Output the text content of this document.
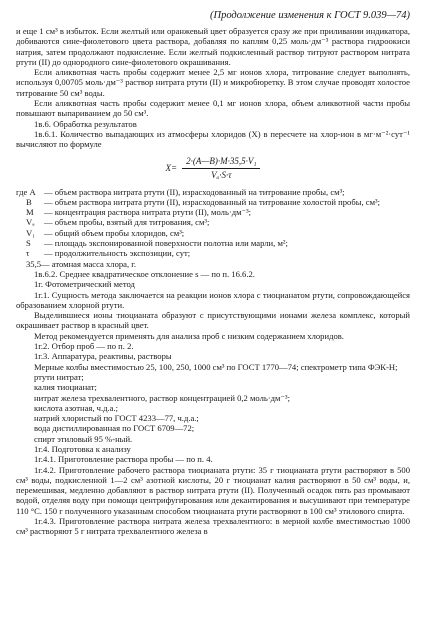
(Продолжение изменения к ГОСТ 9.039—74)

и еще 1 см³ в избыток. Если желтый или оранжевый цвет образуется сразу же при приливании индикатора, добиваются сине-фиолетового цвета раствора, добавляя по каплям 0,25 моль·дм⁻³ раствора гидроокиси натрия, затем продолжают подкисление. Если желтый подкисленный раствор титруют раствором нитрата ртути (II) до однородного сине-фиолетового окрашивания.

Если аликвотная часть пробы содержит менее 2,5 мг ионов хлора, титрование следует выполнять, используя 0,00705 моль·дм⁻³ раствор нитрата ртути (II) и микробюретку. В этом случае проводят холостое титрование 50 см³ воды.

Если аликвотная часть пробы содержит менее 0,1 мг ионов хлора, объем аликвотной части пробы повышают выпариванием до 50 см³.

1в.6. Обработка результатов

1в.6.1. Количество выпадающих из атмосферы хлоридов (X) в пересчете на хлор-ион в мг·м⁻²·сут⁻¹ вычисляют по формуле

$X= \frac{\text{2·(A—B)·M·35,5·V₁}}{\text{Vₐ·S·τ}}$
где A — объем раствора нитрата ртути (II), израсходованный на титрование пробы, см³;
B	— объем раствора нитрата ртути (II), израсходованный на титрование холостой пробы, см³;
M	— концентрация раствора нитрата ртути (II), моль·дм⁻³;
Vₐ	— объем пробы, взятый для титрования, см³;
V₁	— общий объем пробы хлоридов, см³;
S	— площадь экспонированной поверхности полотна или марли, м²;
τ	— продолжительность экспозиции, сут;
35,5— атомная масса хлора, г.

1в.6.2. Среднее квадратическое отклонение s — по п. 16.6.2.

1г. Фотометрический метод

1г.1. Сущность метода заключается на реакции ионов хлора с тиоцианатом ртути, сопровождающейся образованием хлорной ртути.

Выделившиеся ионы тиоцианата образуют с присутствующими ионами железа комплекс, который окрашивает раствор в красный цвет.

Метод рекомендуется применять для анализа проб с низким содержанием хлоридов.

1г.2. Отбор проб — по п. 2.

1г.3. Аппаратура, реактивы, растворы

Мерные колбы вместимостью 25, 100, 250, 1000 см³ по ГОСТ 1770—74; спектрометр типа ФЭК-Н;

ртути нитрат;
калия тиоцианат;
нитрат железа трехвалентного, раствор концентрацией 0,2 моль·дм⁻³;
кислота азотная, ч.д.а.;
натрий хлористый по ГОСТ 4233—77, ч.д.а.;
вода дистиллированная по ГОСТ 6709—72;
спирт этиловый 95 %-ный.

1г.4. Подготовка к анализу

1г.4.1. Приготовление раствора пробы — по п. 4.

1г.4.2. Приготовление рабочего раствора тиоцианата ртути: 35 г тиоцианата ртути растворяют в 500 см³ воды, подкисленной 1—2 см³ азотной кислоты, 20 г тиоцианат калия растворяют в 50 см³ воды, и, перемешивая, медленно добавляют в раствор нитрата ртути (II). Полученный осадок пять раз промывают водой, отделяя воду при помощи центрифугирования или декантирования и высушивают при температуре 110 °С. 150 г полученного указанным способом тиоцианата ртути растворяют в 100 см³ этилового спирта.

1г.4.3. Приготовление раствора нитрата железа трехвалентного: в мерной колбе вместимостью 1000 см³ растворяют 5 г нитрата трехвалентного железа в
